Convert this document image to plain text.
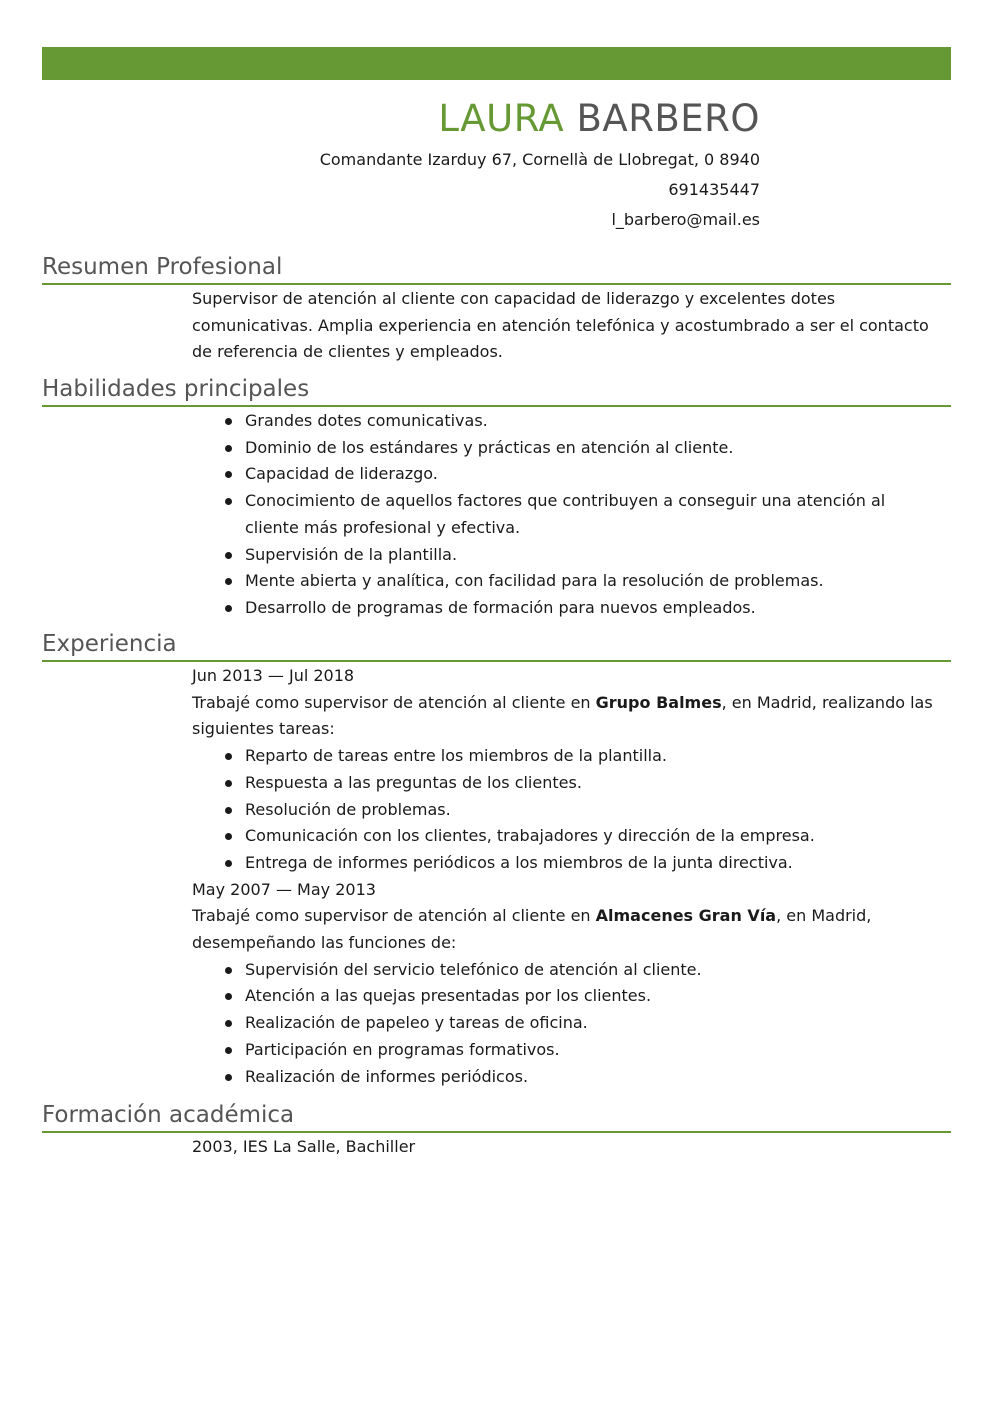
LAURA BARBERO
Comandante Izarduy 67, Cornellà de Llobregat, 0 8940
691435447
l_barbero@mail.es
Resumen Profesional

Supervisor de atención al cliente con capacidad de liderazgo y excelentes dotes comunicativas. Amplia experiencia en atención telefónica y acostumbrado a ser el contacto de referencia de clientes y empleados.

Habilidades principales
Grandes dotes comunicativas.
Dominio de los estándares y prácticas en atención al cliente.
Capacidad de liderazgo.
Conocimiento de aquellos factores que contribuyen a conseguir una atención al cliente más profesional y efectiva.
Supervisión de la plantilla.
Mente abierta y analítica, con facilidad para la resolución de problemas.
Desarrollo de programas de formación para nuevos empleados.
Experiencia

Jun 2013 — Jul 2018

Trabajé como supervisor de atención al cliente en Grupo Balmes, en Madrid, realizando las siguientes tareas:

Reparto de tareas entre los miembros de la plantilla.
Respuesta a las preguntas de los clientes.
Resolución de problemas.
Comunicación con los clientes, trabajadores y dirección de la empresa.
Entrega de informes periódicos a los miembros de la junta directiva.

May 2007 — May 2013

Trabajé como supervisor de atención al cliente en Almacenes Gran Vía, en Madrid, desempeñando las funciones de:

Supervisión del servicio telefónico de atención al cliente.
Atención a las quejas presentadas por los clientes.
Realización de papeleo y tareas de oficina.
Participación en programas formativos.
Realización de informes periódicos.
Formación académica

2003, IES La Salle, Bachiller
